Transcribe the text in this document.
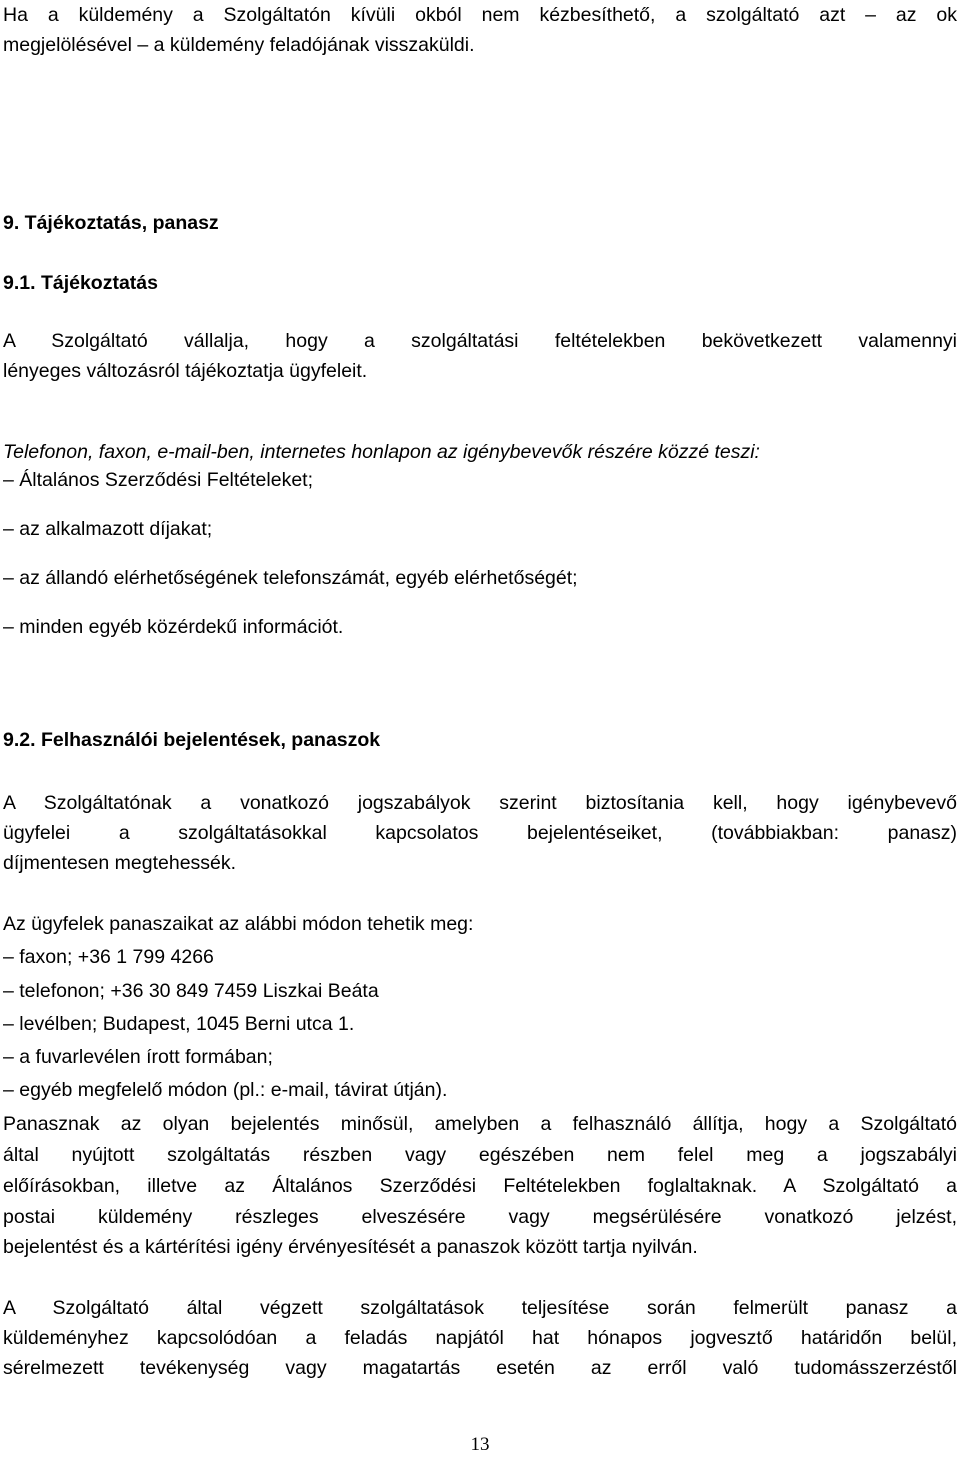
Ha a küldemény a Szolgáltatón kívüli okból nem kézbesíthető, a szolgáltató azt – az ok
megjelölésével – a küldemény feladójának visszaküldi.
9. Tájékoztatás, panasz
9.1. Tájékoztatás
A Szolgáltató vállalja, hogy a szolgáltatási feltételekben bekövetkezett valamennyi
lényeges változásról tájékoztatja ügyfeleit.
Telefonon, faxon, e-mail-ben, internetes honlapon az igénybevevők részére közzé teszi:
– Általános Szerződési Feltételeket;
– az alkalmazott díjakat;
– az állandó elérhetőségének telefonszámát, egyéb elérhetőségét;
– minden egyéb közérdekű információt.
9.2. Felhasználói bejelentések, panaszok
A Szolgáltatónak a vonatkozó jogszabályok szerint biztosítania kell, hogy igénybevevő
ügyfelei a szolgáltatásokkal kapcsolatos bejelentéseiket, (továbbiakban: panasz)
díjmentesen megtehessék.
Az ügyfelek panaszaikat az alábbi módon tehetik meg:
– faxon; +36 1 799 4266
– telefonon; +36 30 849 7459 Liszkai Beáta
– levélben; Budapest, 1045 Berni utca 1.
– a fuvarlevélen írott formában;
– egyéb megfelelő módon (pl.: e-mail, távirat útján).
Panasznak az olyan bejelentés minősül, amelyben a felhasználó állítja, hogy a Szolgáltató
által nyújtott szolgáltatás részben vagy egészében nem felel meg a jogszabályi
előírásokban, illetve az Általános Szerződési Feltételekben foglaltaknak. A Szolgáltató a
postai küldemény részleges elveszésére vagy megsérülésére vonatkozó jelzést,
bejelentést és a kártérítési igény érvényesítését a panaszok között tartja nyilván.
A Szolgáltató által végzett szolgáltatások teljesítése során felmerült panasz a
küldeményhez kapcsolódóan a feladás napjától hat hónapos jogvesztő határidőn belül,
sérelmezett tevékenység vagy magatartás esetén az erről való tudomásszerzéstől
13
